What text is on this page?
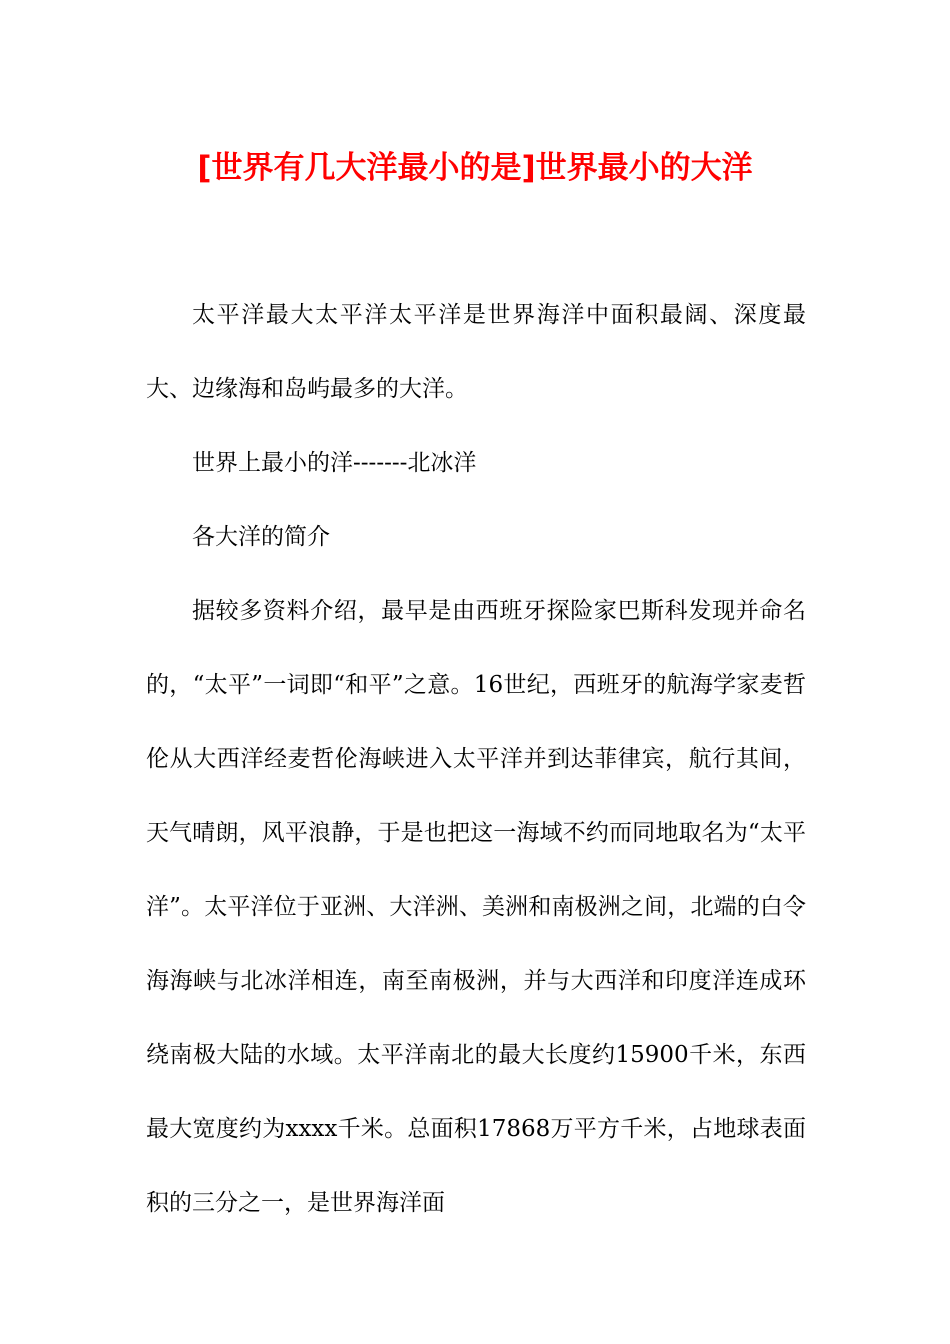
[世界有几大洋最小的是]世界最小的大洋

太平洋最大太平洋太平洋是世界海洋中面积最阔、深度最大、边缘海和岛屿最多的大洋。

世界上最小的洋-------北冰洋

各大洋的简介

据较多资料介绍，最早是由西班牙探险家巴斯科发现并命名的，“太平”一词即“和平”之意。16世纪，西班牙的航海学家麦哲伦从大西洋经麦哲伦海峡进入太平洋并到达菲律宾，航行其间，天气晴朗，风平浪静，于是也把这一海域不约而同地取名为“太平洋”。太平洋位于亚洲、大洋洲、美洲和南极洲之间，北端的白令海海峡与北冰洋相连，南至南极洲，并与大西洋和印度洋连成环绕南极大陆的水域。太平洋南北的最大长度约15900千米，东西最大宽度约为xxxx千米。总面积17868万平方千米，占地球表面积的三分之一，是世界海洋面
